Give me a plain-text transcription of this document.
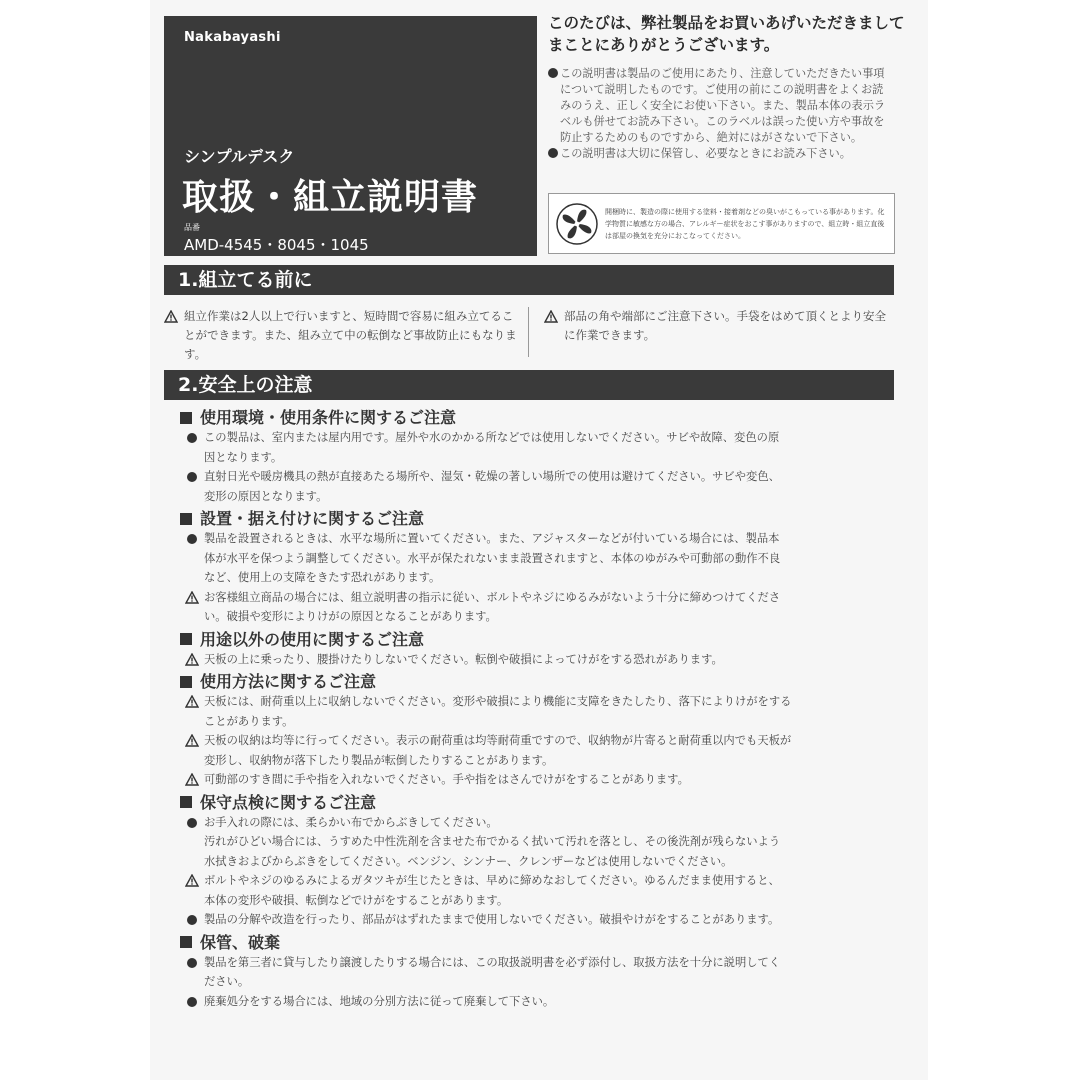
Nakabayashi
シンプルデスク
取扱・組立説明書
品番
AMD-4545・8045・1045
このたびは、弊社製品をお買いあげいただきまして まことにありがとうございます。

この説明書は製品のご使用にあたり、注意していただきたい事項について説明したものです。ご使用の前にこの説明書をよくお読みのうえ、正しく安全にお使い下さい。また、製品本体の表示ラベルも併せてお読み下さい。このラベルは誤った使い方や事故を防止するためのものですから、絶対にはがさないで下さい。

この説明書は大切に保管し、必要なときにお読み下さい。

開梱時に、製造の際に使用する塗料・接着剤などの臭いがこもっている事があります。化学物質に敏感な方の場合、アレルギー症状をおこす事がありますので、組立時・組立直後は部屋の換気を充分におこなってください。
1.組立てる前に
組立作業は2人以上で行いますと、短時間で容易に組み立てることができます。また、組み立て中の転倒など事故防止にもなります。
部品の角や端部にご注意下さい。手袋をはめて頂くとより安全に作業できます。
2.安全上の注意
使用環境・使用条件に関するご注意
この製品は、室内または屋内用です。屋外や水のかかる所などでは使用しないでください。サビや故障、変色の原
因となります。
直射日光や暖房機具の熱が直接あたる場所や、湿気・乾燥の著しい場所での使用は避けてください。サビや変色、
変形の原因となります。
設置・据え付けに関するご注意
製品を設置されるときは、水平な場所に置いてください。また、アジャスターなどが付いている場合には、製品本
体が水平を保つよう調整してください。水平が保たれないまま設置されますと、本体のゆがみや可動部の動作不良
など、使用上の支障をきたす恐れがあります。
お客様組立商品の場合には、組立説明書の指示に従い、ボルトやネジにゆるみがないよう十分に締めつけてくださ
い。破損や変形によりけがの原因となることがあります。
用途以外の使用に関するご注意
天板の上に乗ったり、腰掛けたりしないでください。転倒や破損によってけがをする恐れがあります。
使用方法に関するご注意
天板には、耐荷重以上に収納しないでください。変形や破損により機能に支障をきたしたり、落下によりけがをする
ことがあります。
天板の収納は均等に行ってください。表示の耐荷重は均等耐荷重ですので、収納物が片寄ると耐荷重以内でも天板が
変形し、収納物が落下したり製品が転倒したりすることがあります。
可動部のすき間に手や指を入れないでください。手や指をはさんでけがをすることがあります。
保守点検に関するご注意
お手入れの際には、柔らかい布でからぶきしてください。
汚れがひどい場合には、うすめた中性洗剤を含ませた布でかるく拭いて汚れを落とし、その後洗剤が残らないよう
水拭きおよびからぶきをしてください。ベンジン、シンナー、クレンザーなどは使用しないでください。
ボルトやネジのゆるみによるガタツキが生じたときは、早めに締めなおしてください。ゆるんだまま使用すると、
本体の変形や破損、転倒などでけがをすることがあります。
製品の分解や改造を行ったり、部品がはずれたままで使用しないでください。破損やけがをすることがあります。
保管、破棄
製品を第三者に貸与したり譲渡したりする場合には、この取扱説明書を必ず添付し、取扱方法を十分に説明してく
ださい。
廃棄処分をする場合には、地域の分別方法に従って廃棄して下さい。
